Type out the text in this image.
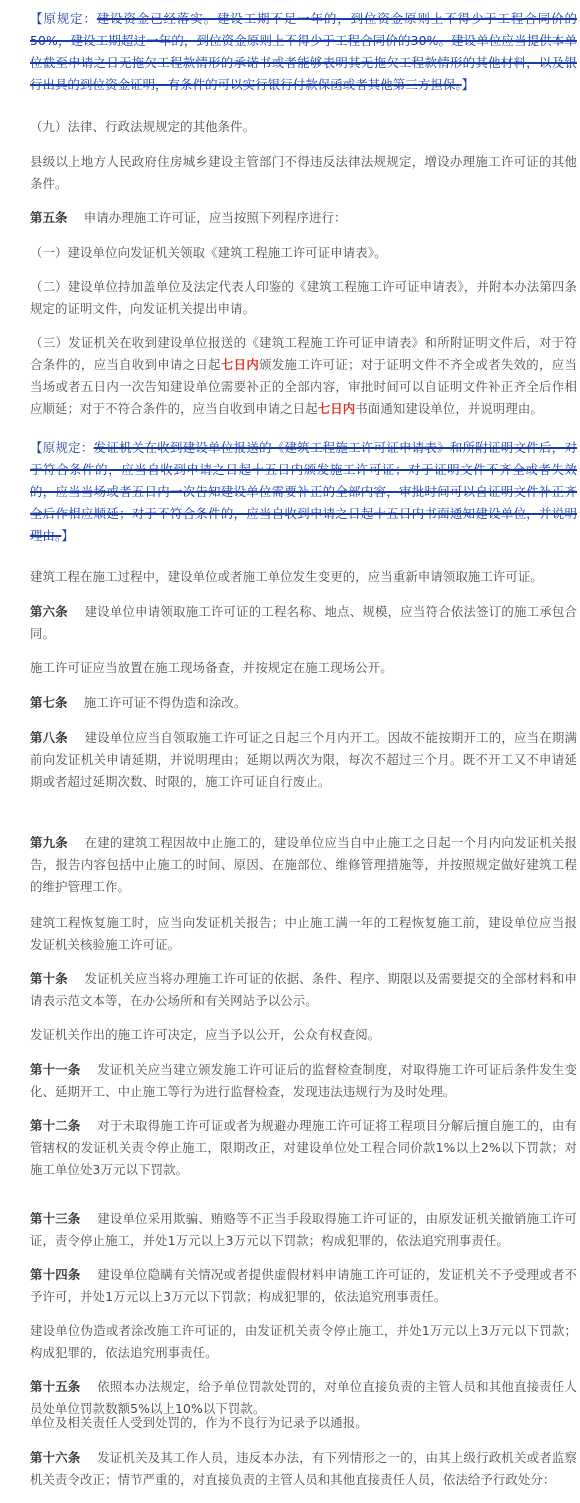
【原规定：建设资金已经落实。建设工期不足一年的，到位资金原则上不得少于工程合同价的50%，建设工期超过一年的，到位资金原则上不得少于工程合同价的30%。建设单位应当提供本单位截至申请之日无拖欠工程款情形的承诺书或者能够表明其无拖欠工程款情形的其他材料，以及银行出具的到位资金证明，有条件的可以实行银行付款保函或者其他第三方担保。】

（九）法律、行政法规规定的其他条件。

县级以上地方人民政府住房城乡建设主管部门不得违反法律法规规定，增设办理施工许可证的其他条件。

第五条 申请办理施工许可证，应当按照下列程序进行：

（一）建设单位向发证机关领取《建筑工程施工许可证申请表》。

（二）建设单位持加盖单位及法定代表人印鉴的《建筑工程施工许可证申请表》，并附本办法第四条规定的证明文件，向发证机关提出申请。

（三）发证机关在收到建设单位报送的《建筑工程施工许可证申请表》和所附证明文件后，对于符合条件的，应当自收到申请之日起七日内颁发施工许可证；对于证明文件不齐全或者失效的，应当当场或者五日内一次告知建设单位需要补正的全部内容，审批时间可以自证明文件补正齐全后作相应顺延；对于不符合条件的，应当自收到申请之日起七日内书面通知建设单位，并说明理由。

【原规定：发证机关在收到建设单位报送的《建筑工程施工许可证申请表》和所附证明文件后，对于符合条件的，应当自收到申请之日起十五日内颁发施工许可证；对于证明文件不齐全或者失效的，应当当场或者五日内一次告知建设单位需要补正的全部内容，审批时间可以自证明文件补正齐全后作相应顺延；对于不符合条件的，应当自收到申请之日起十五日内书面通知建设单位，并说明理由。】

建筑工程在施工过程中，建设单位或者施工单位发生变更的，应当重新申请领取施工许可证。

第六条 建设单位申请领取施工许可证的工程名称、地点、规模，应当符合依法签订的施工承包合同。

施工许可证应当放置在施工现场备查，并按规定在施工现场公开。

第七条 施工许可证不得伪造和涂改。

第八条 建设单位应当自领取施工许可证之日起三个月内开工。因故不能按期开工的，应当在期满前向发证机关申请延期，并说明理由；延期以两次为限，每次不超过三个月。既不开工又不申请延期或者超过延期次数、时限的，施工许可证自行废止。

第九条 在建的建筑工程因故中止施工的，建设单位应当自中止施工之日起一个月内向发证机关报告，报告内容包括中止施工的时间、原因、在施部位、维修管理措施等，并按照规定做好建筑工程的维护管理工作。

建筑工程恢复施工时，应当向发证机关报告；中止施工满一年的工程恢复施工前，建设单位应当报发证机关核验施工许可证。

第十条 发证机关应当将办理施工许可证的依据、条件、程序、期限以及需要提交的全部材料和申请表示范文本等，在办公场所和有关网站予以公示。

发证机关作出的施工许可决定，应当予以公开，公众有权查阅。

第十一条 发证机关应当建立颁发施工许可证后的监督检查制度，对取得施工许可证后条件发生变化、延期开工、中止施工等行为进行监督检查，发现违法违规行为及时处理。

第十二条 对于未取得施工许可证或者为规避办理施工许可证将工程项目分解后擅自施工的，由有管辖权的发证机关责令停止施工，限期改正，对建设单位处工程合同价款1%以上2%以下罚款；对施工单位处3万元以下罚款。

第十三条 建设单位采用欺骗、贿赂等不正当手段取得施工许可证的，由原发证机关撤销施工许可证，责令停止施工，并处1万元以上3万元以下罚款；构成犯罪的，依法追究刑事责任。

第十四条 建设单位隐瞒有关情况或者提供虚假材料申请施工许可证的，发证机关不予受理或者不予许可，并处1万元以上3万元以下罚款；构成犯罪的，依法追究刑事责任。

建设单位伪造或者涂改施工许可证的，由发证机关责令停止施工，并处1万元以上3万元以下罚款；构成犯罪的，依法追究刑事责任。

第十五条 依照本办法规定，给予单位罚款处罚的，对单位直接负责的主管人员和其他直接责任人员处单位罚款数额5%以上10%以下罚款。

单位及相关责任人受到处罚的，作为不良行为记录予以通报。

第十六条 发证机关及其工作人员，违反本办法，有下列情形之一的，由其上级行政机关或者监察机关责令改正；情节严重的，对直接负责的主管人员和其他直接责任人员，依法给予行政处分：
